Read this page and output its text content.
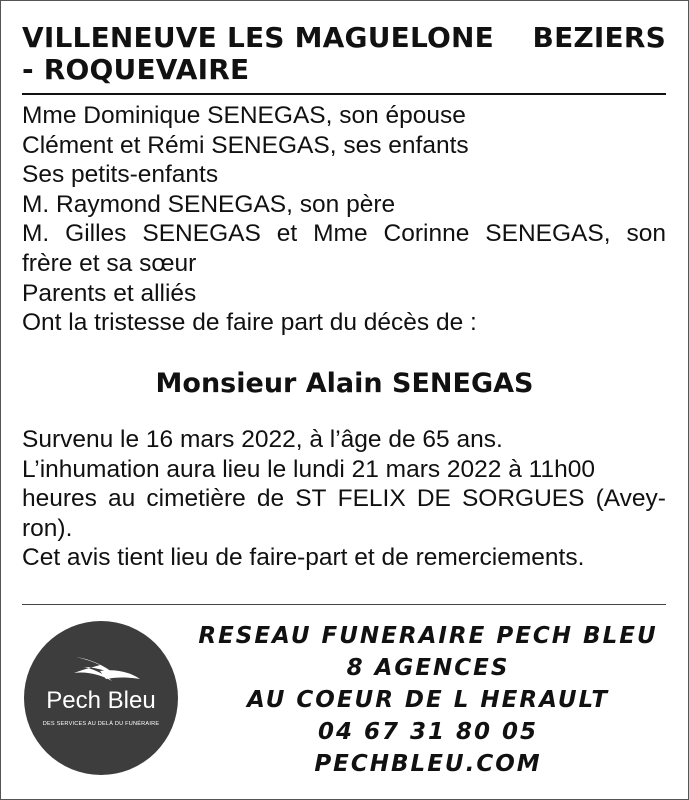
VILLENEUVE LES MAGUELONE BEZIERS
- ROQUEVAIRE
Mme Dominique SENEGAS, son épouse
Clément et Rémi SENEGAS, ses enfants
Ses petits-enfants
M. Raymond SENEGAS, son père
M. Gilles SENEGAS et Mme Corinne SENEGAS, son
frère et sa sœur
Parents et alliés
Ont la tristesse de faire part du décès de :
Monsieur Alain SENEGAS
Survenu le 16 mars 2022, à l’âge de 65 ans.
L’inhumation aura lieu le lundi 21 mars 2022 à 11h00
heures au cimetière de ST FELIX DE SORGUES (Avey-
ron).
Cet avis tient lieu de faire-part et de remerciements.
Pech Bleu
DES SERVICES AU DELÀ DU FUNÉRAIRE
RESEAU FUNERAIRE PECH BLEU
8 AGENCES
AU COEUR DE L HERAULT
04 67 31 80 05
PECHBLEU.COM
